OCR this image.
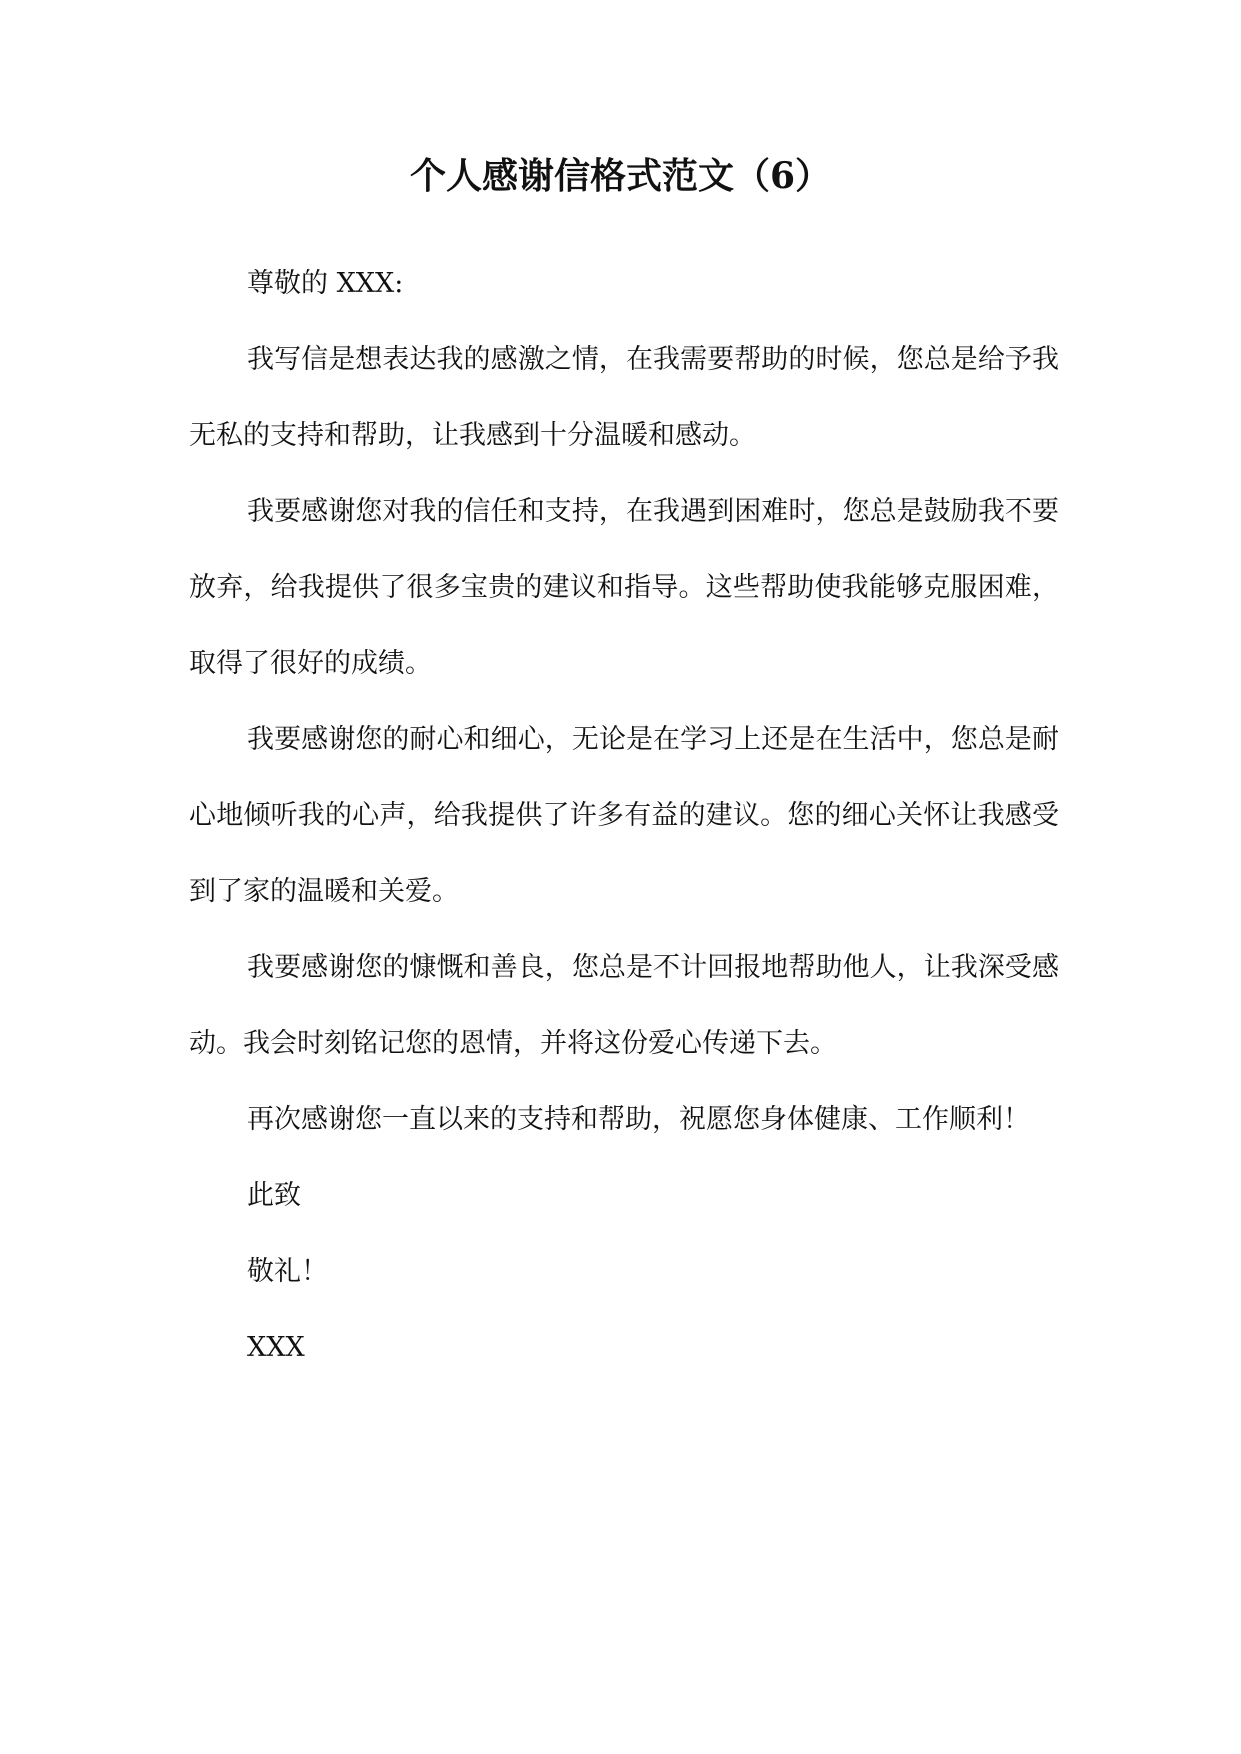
个人感谢信格式范文（6）

尊敬的 XXX:

我写信是想表达我的感激之情，在我需要帮助的时候，您总是给予我无私的支持和帮助，让我感到十分温暖和感动。

我要感谢您对我的信任和支持，在我遇到困难时，您总是鼓励我不要放弃，给我提供了很多宝贵的建议和指导。这些帮助使我能够克服困难，取得了很好的成绩。

我要感谢您的耐心和细心，无论是在学习上还是在生活中，您总是耐心地倾听我的心声，给我提供了许多有益的建议。您的细心关怀让我感受到了家的温暖和关爱。

我要感谢您的慷慨和善良，您总是不计回报地帮助他人，让我深受感动。我会时刻铭记您的恩情，并将这份爱心传递下去。

再次感谢您一直以来的支持和帮助，祝愿您身体健康、工作顺利！

此致

敬礼！

XXX
